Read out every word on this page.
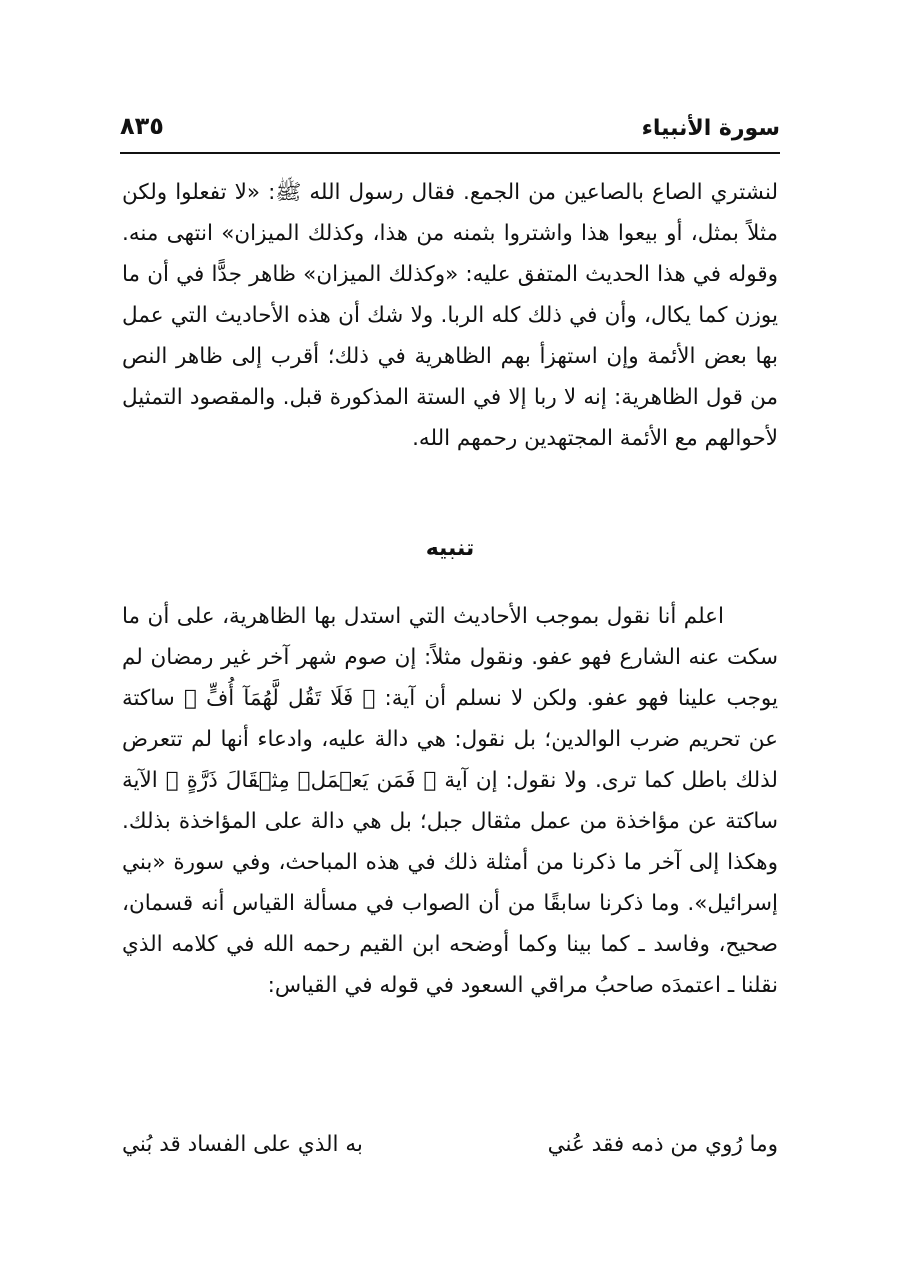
سورة الأنبياء
٨٣٥
لنشتري الصاع بالصاعين من الجمع. فقال رسول الله ﷺ: «لا تفعلوا ولكن مثلاً بمثل، أو بيعوا هذا واشتروا بثمنه من هذا، وكذلك الميزان» انتهى منه. وقوله في هذا الحديث المتفق عليه: «وكذلك الميزان» ظاهر جدًّا في أن ما يوزن كما يكال، وأن في ذلك كله الربا. ولا شك أن هذه الأحاديث التي عمل بها بعض الأئمة وإن استهزأ بهم الظاهرية في ذلك؛ أقرب إلى ظاهر النص من قول الظاهرية: إنه لا ربا إلا في الستة المذكورة قبل. والمقصود التمثيل لأحوالهم مع الأئمة المجتهدين رحمهم الله.
تنبيه
اعلم أنا نقول بموجب الأحاديث التي استدل بها الظاهرية، على أن ما سكت عنه الشارع فهو عفو. ونقول مثلاً: إن صوم شهر آخر غير رمضان لم يوجب علينا فهو عفو. ولكن لا نسلم أن آية: ﴿ فَلَا تَقُل لَّهُمَآ أُفٍّ ﴾ ساكتة عن تحريم ضرب الوالدين؛ بل نقول: هي دالة عليه، وادعاء أنها لم تتعرض لذلك باطل كما ترى. ولا نقول: إن آية ﴿ فَمَن يَعۡمَلۡ مِثۡقَالَ ذَرَّةٍ ﴾ الآية ساكتة عن مؤاخذة من عمل مثقال جبل؛ بل هي دالة على المؤاخذة بذلك. وهكذا إلى آخر ما ذكرنا من أمثلة ذلك في هذه المباحث، وفي سورة «بني إسرائيل». وما ذكرنا سابقًا من أن الصواب في مسألة القياس أنه قسمان، صحيح، وفاسد ـ كما بينا وكما أوضحه ابن القيم رحمه الله في كلامه الذي نقلنا ـ اعتمدَه صاحبُ مراقي السعود في قوله في القياس:
وما رُوي من ذمه فقد عُني
به الذي على الفساد قد بُني
